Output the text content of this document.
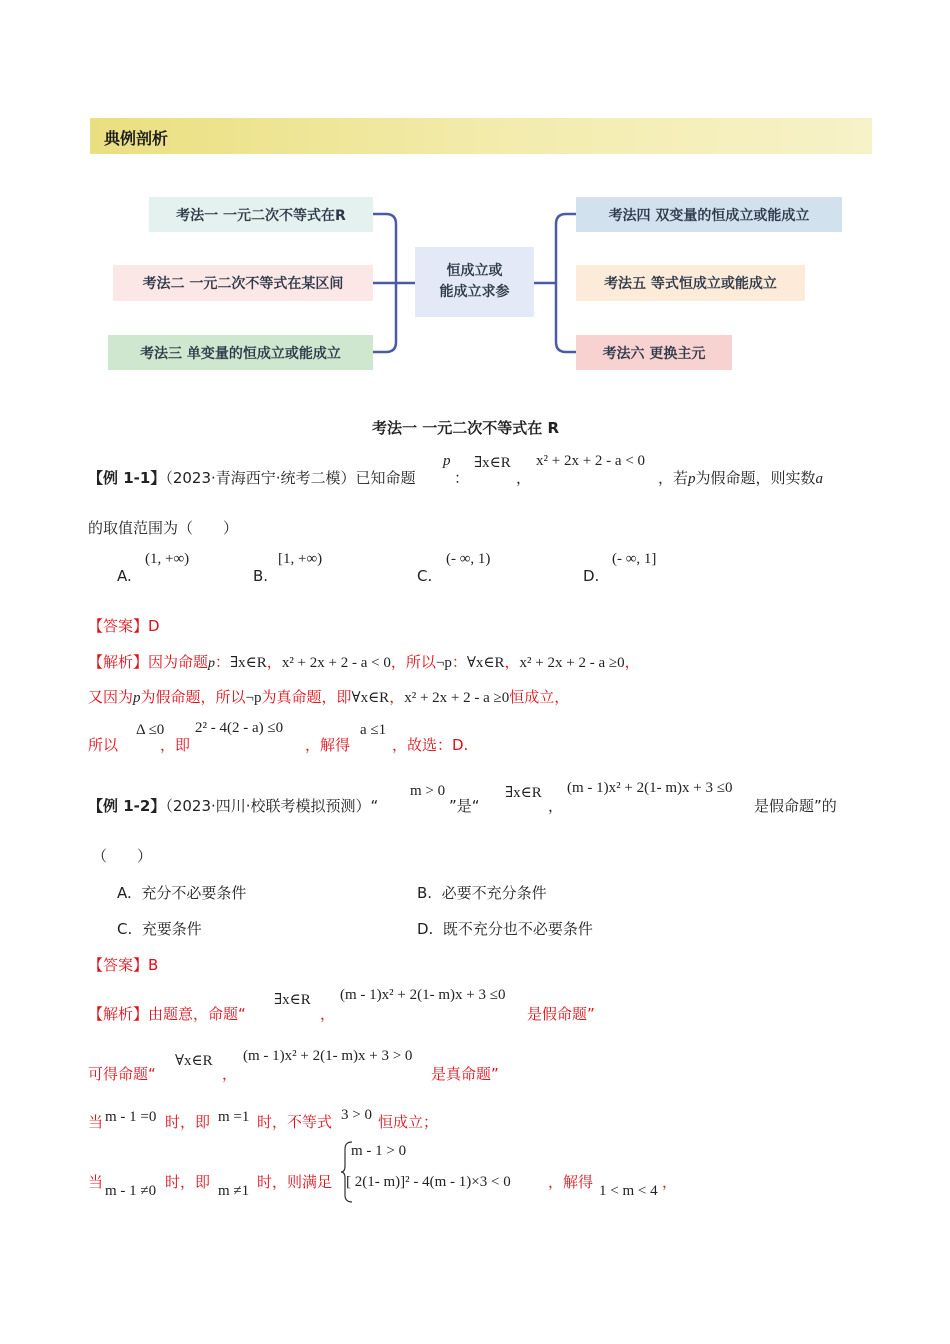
典例剖析
考法一 一元二次不等式在R
考法二 一元二次不等式在某区间
考法三 单变量的恒成立或能成立
恒成立或
能成立求参
考法四 双变量的恒成立或能成立
考法五 等式恒成立或能成立
考法六 更换主元
考法一 一元二次不等式在 R
【例 1-1】（2023·青海西宁·统考二模）已知命题
p
：
∃x∈R
，
x² + 2x + 2 - a < 0
，若p为假命题，则实数a
的取值范围为（　　）
A.
(1, +∞)
B.
[1, +∞)
C.
(- ∞, 1)
D.
(- ∞, 1]
【答案】D
【解析】因为命题p：∃x∈R，x² + 2x + 2 - a < 0，所以¬p：∀x∈R，x² + 2x + 2 - a ≥0，
又因为p为假命题，所以¬p为真命题，即∀x∈R，x² + 2x + 2 - a ≥0恒成立，
所以
Δ ≤0
，即
2² - 4(2 - a) ≤0
，解得
a ≤1
，故选：D.
【例 1-2】（2023·四川·校联考模拟预测）“
m > 0
”是“
∃x∈R
，
(m - 1)x² + 2(1- m)x + 3 ≤0
是假命题”的
（　　）
A. 充分不必要条件	B. 必要不充分条件
C. 充要条件	D. 既不充分也不必要条件
【答案】B
【解析】由题意，命题“
∃x∈R
，
(m - 1)x² + 2(1- m)x + 3 ≤0
是假命题”
可得命题“
∀x∈R
，
(m - 1)x² + 2(1- m)x + 3 > 0
是真命题”
当 m - 1 =0 时，即 m =1 时，不等式 3 > 0 恒成立；
当 m - 1 ≠0 时，即 m ≠1 时，则满足
m - 1 > 0
[ 2(1- m)]² - 4(m - 1)×3 < 0 ，解得 1 < m < 4 ，
